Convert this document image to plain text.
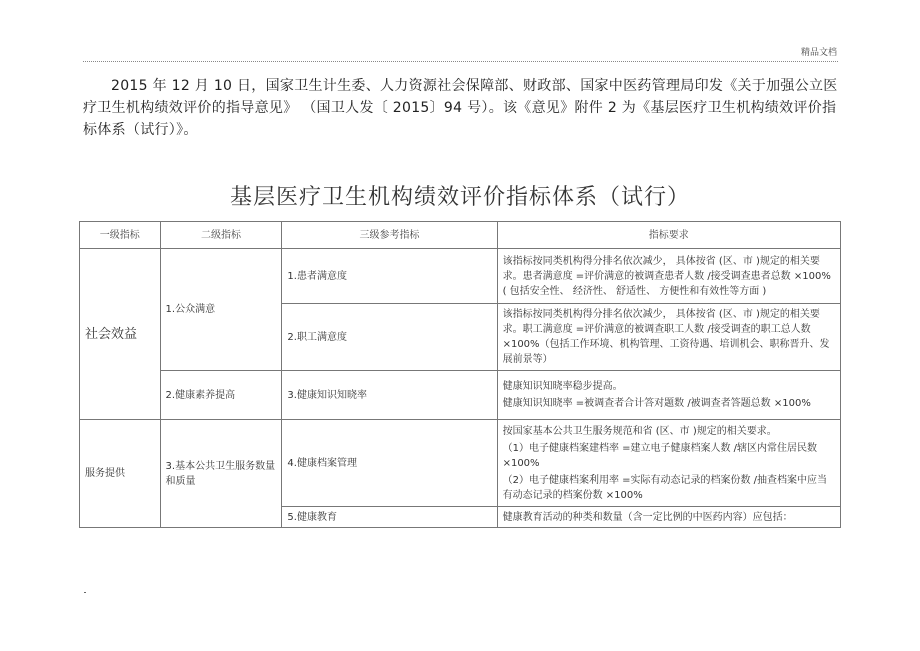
精品文档

2015 年 12 月 10 日，国家卫生计生委、人力资源社会保障部、财政部、国家中医药管理局印发《关于加强公立医疗卫生机构绩效评价的指导意见》 （国卫人发〔 2015〕94 号）。该《意见》附件 2 为《基层医疗卫生机构绩效评价指标体系（试行）》。

基层医疗卫生机构绩效评价指标体系（试行）
一级指标	二级指标	三级参考指标	指标要求
社会效益	1.公众满意	1.患者满意度	该指标按同类机构得分排名依次减少， 具体按省 (区、市 )规定的相关要求。患者满意度 =评价满意的被调查患者人数 /接受调查患者总数 ×100% ( 包括安全性、 经济性、 舒适性、 方便性和有效性等方面 )

		2.职工满意度	该指标按同类机构得分排名依次减少， 具体按省 (区、市 )规定的相关要求。职工满意度 =评价满意的被调查职工人数 /接受调查的职工总人数 ×100%（包括工作环境、机构管理、工资待遇、培训机会、职称晋升、发展前景等）

	2.健康素养提高	3.健康知识知晓率	健康知识知晓率稳步提高。

健康知识知晓率 =被调查者合计答对题数 /被调查者答题总数 ×100%

服务提供	3.基本公共卫生服务数量和质量	4.健康档案管理	按国家基本公共卫生服务规范和省 (区、市 )规定的相关要求。

（1）电子健康档案建档率 =建立电子健康档案人数 /辖区内常住居民数 ×100%

（2）电子健康档案利用率 =实际有动态记录的档案份数 /抽查档案中应当有动态记录的档案份数 ×100%

		5.健康教育	健康教育活动的种类和数量（含一定比例的中医药内容）应包括：
